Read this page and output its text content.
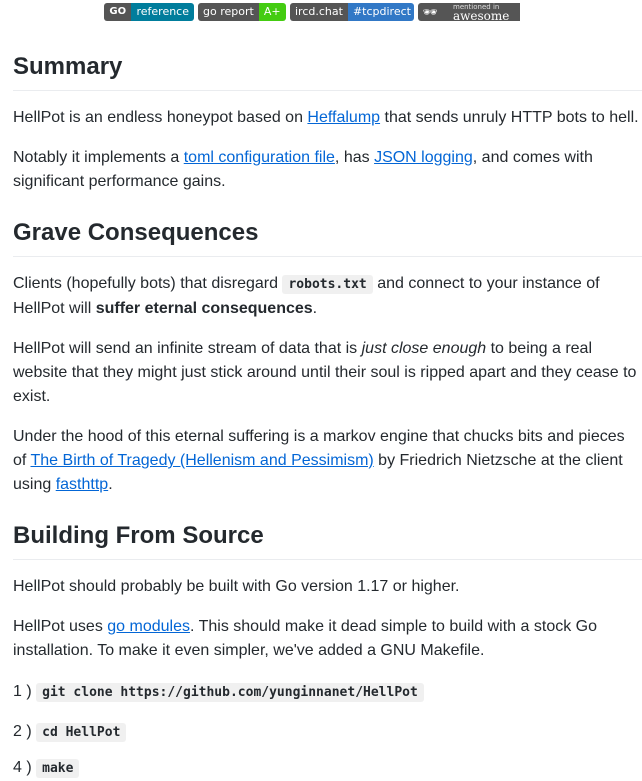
GO reference	go report A+	ircd.chat #tcpdirect 🕶	mentioned in
awesome
Summary

HellPot is an endless honeypot based on Heffalump that sends unruly HTTP bots to hell.

Notably it implements a toml configuration file, has JSON logging, and comes with significant performance gains.

Grave Consequences

Clients (hopefully bots) that disregard robots.txt and connect to your instance of HellPot will suffer eternal consequences.

HellPot will send an infinite stream of data that is just close enough to being a real website that they might just stick around until their soul is ripped apart and they cease to exist.

Under the hood of this eternal suffering is a markov engine that chucks bits and pieces of The Birth of Tragedy (Hellenism and Pessimism) by Friedrich Nietzsche at the client using fasthttp.

Building From Source

HellPot should probably be built with Go version 1.17 or higher.

HellPot uses go modules. This should make it dead simple to build with a stock Go installation. To make it even simpler, we've added a GNU Makefile.

1 ) git clone https://github.com/yunginnanet/HellPot
2 ) cd HellPot
4 ) make
